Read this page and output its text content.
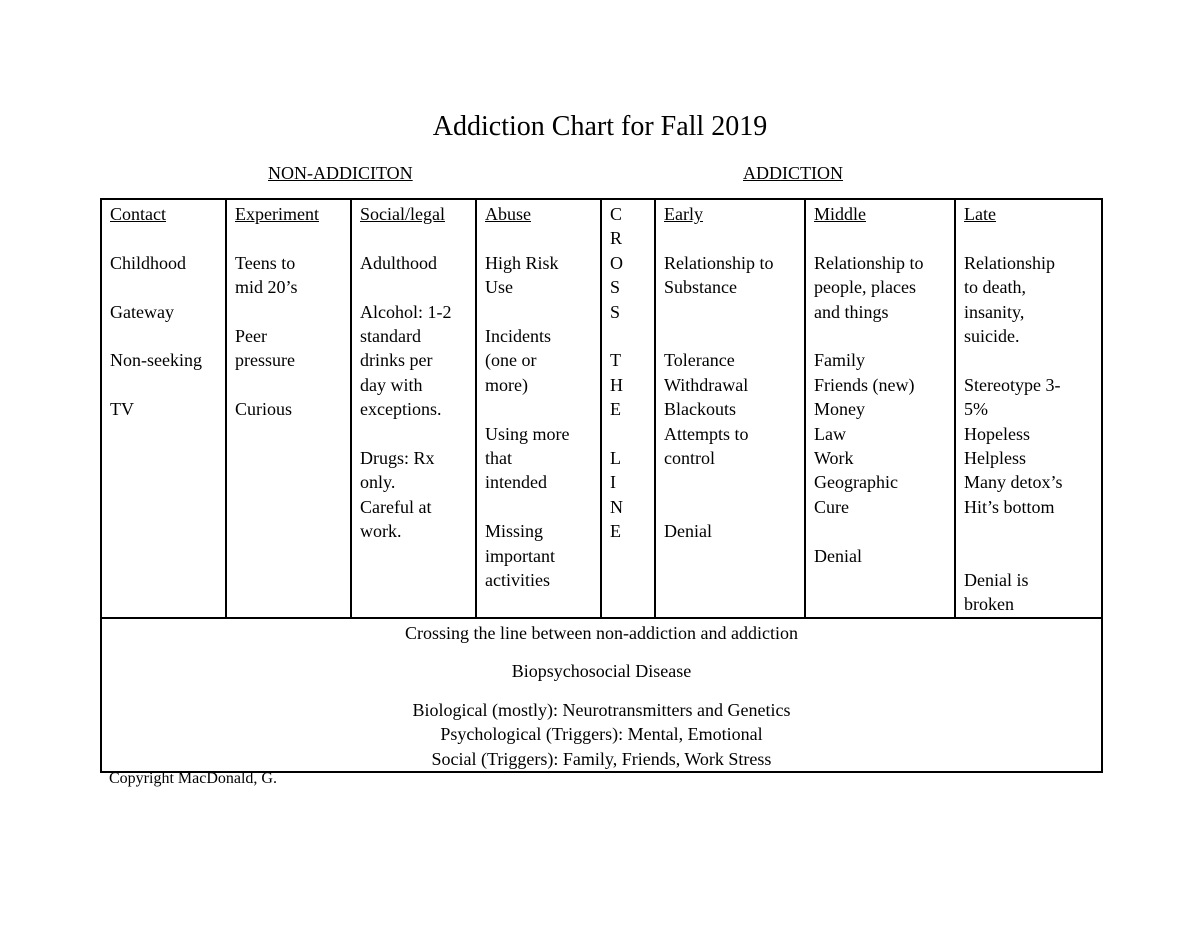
Addiction Chart for Fall 2019
NON-ADDICITON	ADDICTION
Contact
Childhood
Gateway
Non-seeking
TV

Experiment
Teens to
mid 20’s
Peer
pressure
Curious

Social/legal
Adulthood
Alcohol: 1-2
standard
drinks per
day with
exceptions.
Drugs: Rx
only.
Careful at
work.

Abuse
High Risk
Use
Incidents
(one or
more)
Using more
that
intended
Missing
important
activities

C
R
O
S
S
T
H
E
L
I
N
E

Early
Relationship to
Substance
Tolerance
Withdrawal
Blackouts
Attempts to
control
Denial

Middle
Relationship to
people, places
and things
Family
Friends (new)
Money
Law
Work
Geographic
Cure
Denial

Late
Relationship
to death,
insanity,
suicide.
Stereotype 3-
5%
Hopeless
Helpless
Many detox’s
Hit’s bottom
Denial is
broken

Crossing the line between non-addiction and addiction
Biopsychosocial Disease
Biological (mostly): Neurotransmitters and Genetics
Psychological (Triggers): Mental, Emotional
Social (Triggers): Family, Friends, Work Stress
Copyright MacDonald, G.
